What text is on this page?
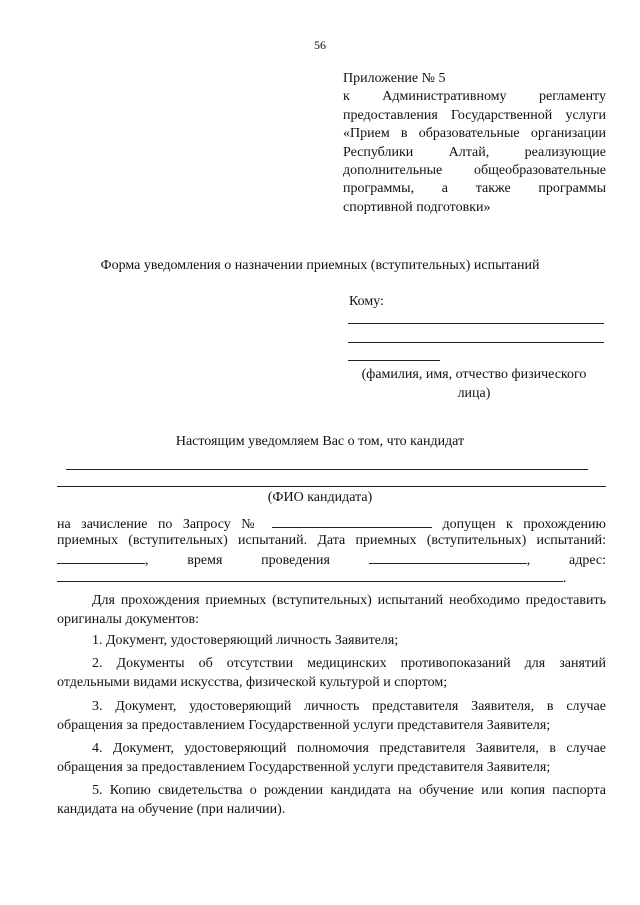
56
Приложение № 5
к Административному регламенту
предоставления Государственной услуги
«Прием в образовательные организации
Республики Алтай, реализующие
дополнительные общеобразовательные
программы, а также программы
спортивной подготовки»
Форма уведомления о назначении приемных (вступительных) испытаний
Кому:
(фамилия, имя, отчество физического
лица)
Настоящим уведомляем Вас о том, что кандидат
(ФИО кандидата)
на зачисление по Запросу №	допущен к прохождению
приемных (вступительных) испытаний. Дата приемных (вступительных) испытаний:
,	время	проведения	,	адрес:
.
Для прохождения приемных (вступительных) испытаний необходимо предоставить оригиналы документов:
1. Документ, удостоверяющий личность Заявителя;
2. Документы об отсутствии медицинских противопоказаний для занятий отдельными видами искусства, физической культурой и спортом;
3. Документ, удостоверяющий личность представителя Заявителя, в случае обращения за предоставлением Государственной услуги представителя Заявителя;
4. Документ, удостоверяющий полномочия представителя Заявителя, в случае обращения за предоставлением Государственной услуги представителя Заявителя;
5. Копию свидетельства о рождении кандидата на обучение или копия паспорта кандидата на обучение (при наличии).
